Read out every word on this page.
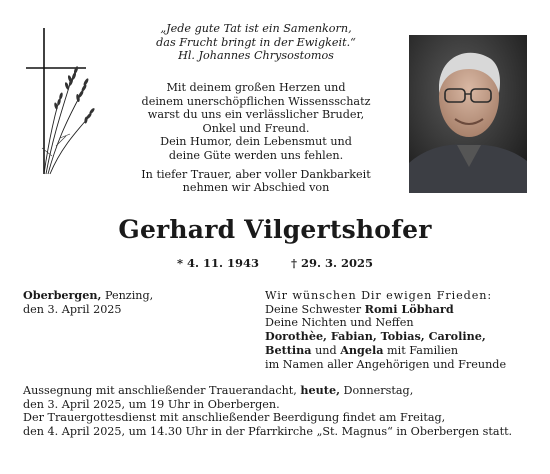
„Jede gute Tat ist ein Samenkorn,
das Frucht bringt in der Ewigkeit.“
Hl. Johannes Chrysostomos
Mit deinem großen Herzen und
deinem unerschöpflichen Wissensschatz
warst du uns ein verlässlicher Bruder,
Onkel und Freund.
Dein Humor, dein Lebensmut und
deine Güte werden uns fehlen.
In tiefer Trauer, aber voller Dankbarkeit
nehmen wir Abschied von
Gerhard Vilgertshofer
* 4. 11. 1943	† 29. 3. 2025
Oberbergen, Penzing,
den 3. April 2025
Wir wünschen Dir ewigen Frieden:
Deine Schwester Romi Löbhard
Deine Nichten und Neffen
Dorothèe, Fabian, Tobias, Caroline,
Bettina und Angela mit Familien
im Namen aller Angehörigen und Freunde
Aussegnung mit anschließender Trauerandacht, heute, Donnerstag,
den 3. April 2025, um 19 Uhr in Oberbergen.
Der Trauergottesdienst mit anschließender Beerdigung findet am Freitag,
den 4. April 2025, um 14.30 Uhr in der Pfarrkirche „St. Magnus“ in Oberbergen statt.
